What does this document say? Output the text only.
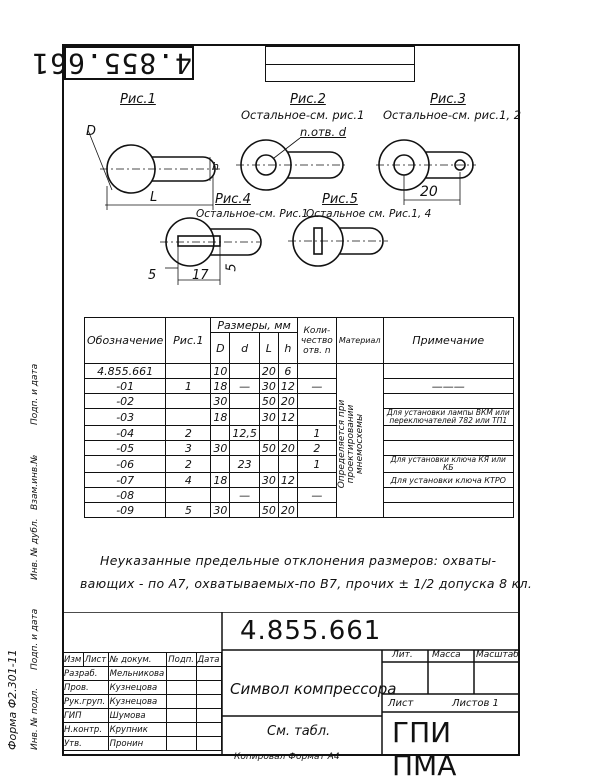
4.855.661
Рис.1
D
h
L
Рис.2
Остальное-см. рис.1
n.отв. d
Рис.3
Остальное-см. рис.1, 2
20
Рис.4
Остальное-см. Рис.1
5	17
5
Рис.5
Остальное см. Рис.1, 4
Обозначение	Рис.1	Размеры, мм				Коли-чество отв. n	Материал	Примечание
		D	d	L	h			
4.855.661		10		20	6		Определяется при проектировании мнемосхемы	

-01	1	18	—	30	12	—		———
-02		30		50	20			
-03		18		30	12			Для установки лампы ВКМ или переключателей 782 или ТП1
-04	2		12,5			1		
-05	3	30		50	20	2		
-06	2		23			1		Для установки ключа КЯ или КБ
-07	4	18		30	12			Для установки ключа КТРО
-08			—			—		
-09	5	30		50	20			
Неуказанные предельные отклонения размеров: охваты-
вающих - по A7, охватываемых-по B7, прочих ± 1/2 допуска 8 кл.
Изм	Лист	№ докум.	Подп.	Дата
Разраб.		Мельникова		
Пров.		Кузнецова		
Рук.груп.		Кузнецова		
ГИП		Шумова		
Н.контр.		Крупник		
Утв.		Пронин		
4.855.661
Символ компрессора
См. табл.
Лит. Масса Масштаб
Лист	Листов 1
ГПИ ПМА
Копировал Формат А4
Подп. и дата
Взам.инв.№
Инв. № дубл.
Подп. и дата
Инв. № подл.
Форма Ф2.301-11
